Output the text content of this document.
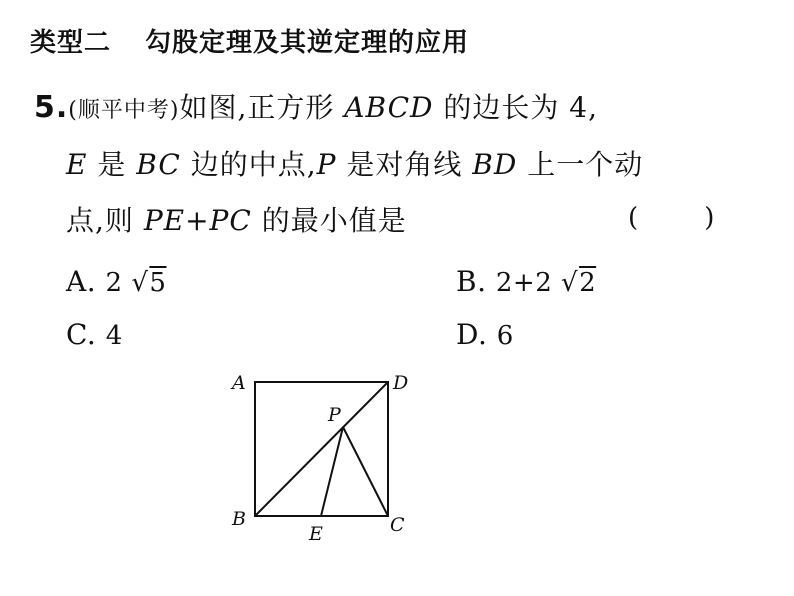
类型二 勾股定理及其逆定理的应用
5.(顺平中考)如图,正方形 ABCD 的边长为 4,
E 是 BC 边的中点,P 是对角线 BD 上一个动
点,则 PE+PC 的最小值是	(        )
A. 2 √5	B. 2+2 √2
C. 4	D. 6
A	D
B	C
P
E
